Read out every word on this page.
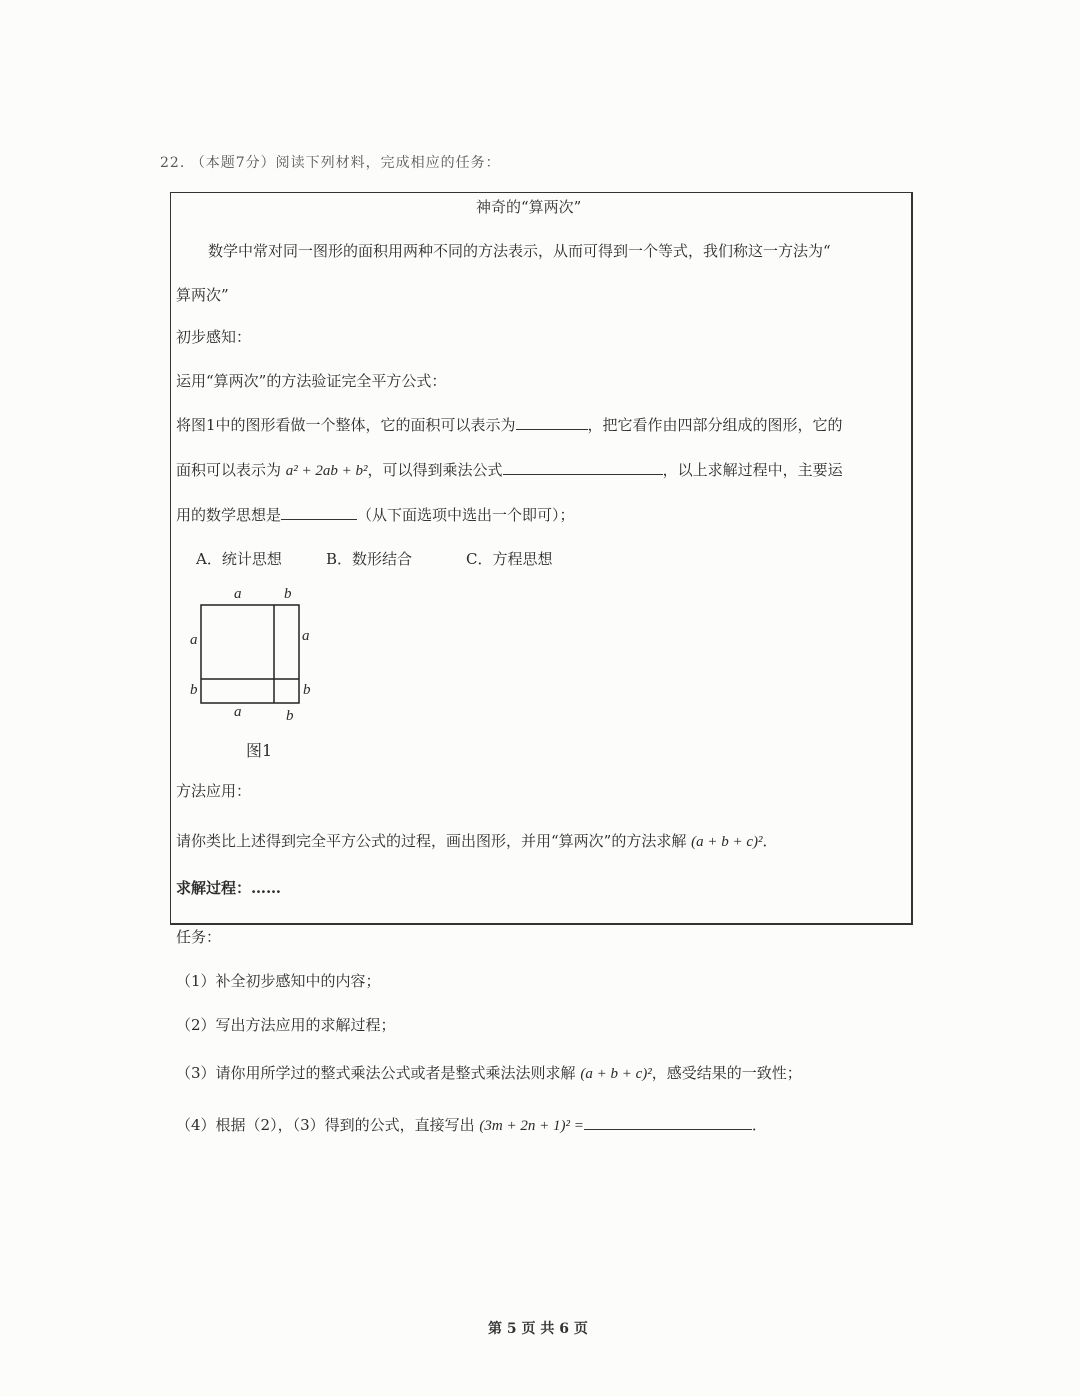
22. （本题7分）阅读下列材料，完成相应的任务：
神奇的“算两次”
数学中常对同一图形的面积用两种不同的方法表示，从而可得到一个等式，我们称这一方法为“
算两次”
初步感知：
运用“算两次”的方法验证完全平方公式：
将图1中的图形看做一个整体，它的面积可以表示为	，把它看作由四部分组成的图形，它的
面积可以表示为 a² + 2ab + b²，可以得到乘法公式	，以上求解过程中，主要运
用的数学思想是	（从下面选项中选出一个即可）；
A．统计思想	B．数形结合	C．方程思想
a	b
a
b
a
b
a	b
图1
方法应用：
请你类比上述得到完全平方公式的过程，画出图形，并用“算两次”的方法求解 (a + b + c)²．
求解过程：……
任务：
（1）补全初步感知中的内容；
（2）写出方法应用的求解过程；
（3）请你用所学过的整式乘法公式或者是整式乘法法则求解 (a + b + c)²，感受结果的一致性；
（4）根据（2），（3）得到的公式，直接写出 (3m + 2n + 1)² =	．
第 5 页 共 6 页
